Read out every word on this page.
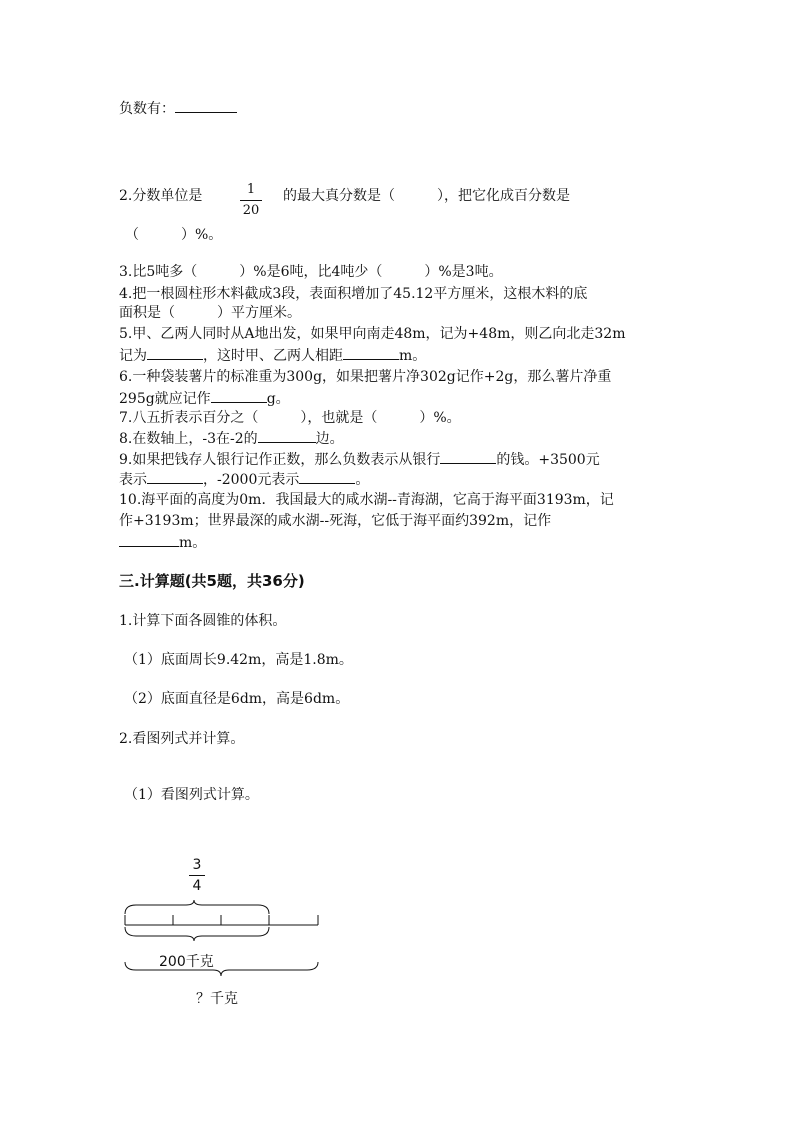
负数有：
2.分数单位是	1
20
的最大真分数是（　　　），把它化成百分数是
（　　　）%。
3.比5吨多（　　　）%是6吨，比4吨少（　　　）%是3吨。
4.把一根圆柱形木料截成3段，表面积增加了45.12平方厘米，这根木料的底
面积是（　　　）平方厘米。
5.甲、乙两人同时从A地出发，如果甲向南走48m，记为+48m，则乙向北走32m
记为	，这时甲、乙两人相距	m。
6.一种袋装薯片的标准重为300g，如果把薯片净302g记作+2g，那么薯片净重
295g就应记作	g。
7.八五折表示百分之（　　　），也就是（　　　）%。
8.在数轴上，-3在-2的	边。
9.如果把钱存人银行记作正数，那么负数表示从银行	的钱。+3500元
表示	，-2000元表示	。
10.海平面的高度为0m．我国最大的咸水湖--青海湖，它高于海平面3193m，记
作+3193m；世界最深的咸水湖--死海，它低于海平面约392m，记作
m。
三.计算题(共5题，共36分)
1.计算下面各圆锥的体积。
（1）底面周长9.42m，高是1.8m。
（2）底面直径是6dm，高是6dm。
2.看图列式并计算。
（1）看图列式计算。
3
4
200千克
？千克
